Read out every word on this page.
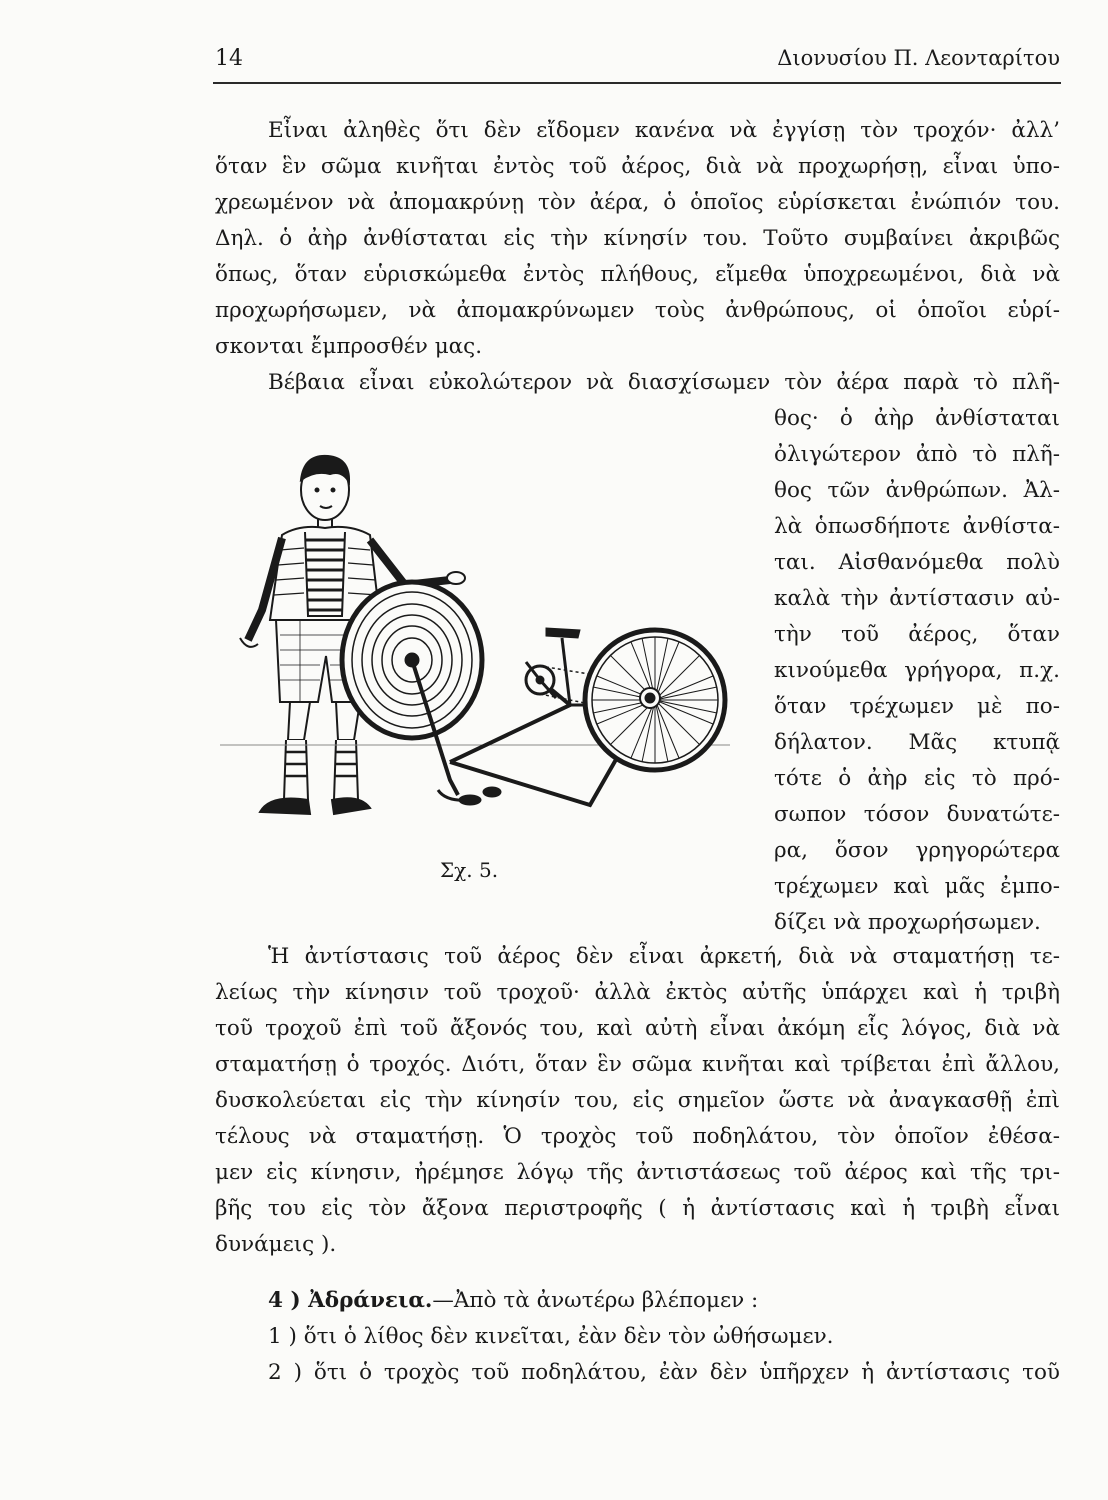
14	Διονυσίου Π. Λεονταρίτου
Εἶναι ἀληθὲς ὅτι δὲν εἴδομεν κανένα νὰ ἐγγίσῃ τὸν τροχόν· ἀλλ’
ὅταν ἓν σῶμα κινῆται ἐντὸς τοῦ ἀέρος, διὰ νὰ προχωρήσῃ, εἶναι ὑπο-
χρεωμένον νὰ ἀπομακρύνῃ τὸν ἀέρα, ὁ ὁποῖος εὑρίσκεται ἐνώπιόν του.
Δηλ. ὁ ἀὴρ ἀνθίσταται εἰς τὴν κίνησίν του. Τοῦτο συμβαίνει ἀκριβῶς
ὅπως, ὅταν εὑρισκώμεθα ἐντὸς πλήθους, εἴμεθα ὑποχρεωμένοι, διὰ νὰ
προχωρήσωμεν, νὰ ἀπομακρύνωμεν τοὺς ἀνθρώπους, οἱ ὁποῖοι εὑρί-
σκονται ἔμπροσθέν μας.
Βέβαια εἶναι εὐκολώτερον νὰ διασχίσωμεν τὸν ἀέρα παρὰ τὸ πλῆ-
θος· ὁ ἀὴρ ἀνθίσταται
ὀλιγώτερον ἀπὸ τὸ πλῆ-
θος τῶν ἀνθρώπων. Ἀλ-
λὰ ὁπωσδήποτε ἀνθίστα-
ται. Αἰσθανόμεθα πολὺ
καλὰ τὴν ἀντίστασιν αὐ-
τὴν τοῦ ἀέρος, ὅταν
κινούμεθα γρήγορα, π.χ.
ὅταν τρέχωμεν μὲ πο-
δήλατον. Μᾶς κτυπᾷ
τότε ὁ ἀὴρ εἰς τὸ πρό-
σωπον τόσον δυνατώτε-
ρα, ὅσον γρηγορώτερα
τρέχωμεν καὶ μᾶς ἐμπο-
δίζει νὰ προχωρήσωμεν.
Σχ. 5.
Ἡ ἀντίστασις τοῦ ἀέρος δὲν εἶναι ἀρκετή, διὰ νὰ σταματήσῃ τε-
λείως τὴν κίνησιν τοῦ τροχοῦ· ἀλλὰ ἐκτὸς αὐτῆς ὑπάρχει καὶ ἡ τριβὴ
τοῦ τροχοῦ ἐπὶ τοῦ ἄξονός του, καὶ αὐτὴ εἶναι ἀκόμη εἷς λόγος, διὰ νὰ
σταματήσῃ ὁ τροχός. Διότι, ὅταν ἓν σῶμα κινῆται καὶ τρίβεται ἐπὶ ἄλλου,
δυσκολεύεται εἰς τὴν κίνησίν του, εἰς σημεῖον ὥστε νὰ ἀναγκασθῇ ἐπὶ
τέλους νὰ σταματήσῃ. Ὁ τροχὸς τοῦ ποδηλάτου, τὸν ὁποῖον ἐθέσα-
μεν εἰς κίνησιν, ἠρέμησε λόγῳ τῆς ἀντιστάσεως τοῦ ἀέρος καὶ τῆς τρι-
βῆς του εἰς τὸν ἄξονα περιστροφῆς ( ἡ ἀντίστασις καὶ ἡ τριβὴ εἶναι
δυνάμεις ).
4 ) Ἀδράνεια.—Ἀπὸ τὰ ἀνωτέρω βλέπομεν :
1 ) ὅτι ὁ λίθος δὲν κινεῖται, ἐὰν δὲν τὸν ὠθήσωμεν.
2 ) ὅτι ὁ τροχὸς τοῦ ποδηλάτου, ἐὰν δὲν ὑπῆρχεν ἡ ἀντίστασις τοῦ
